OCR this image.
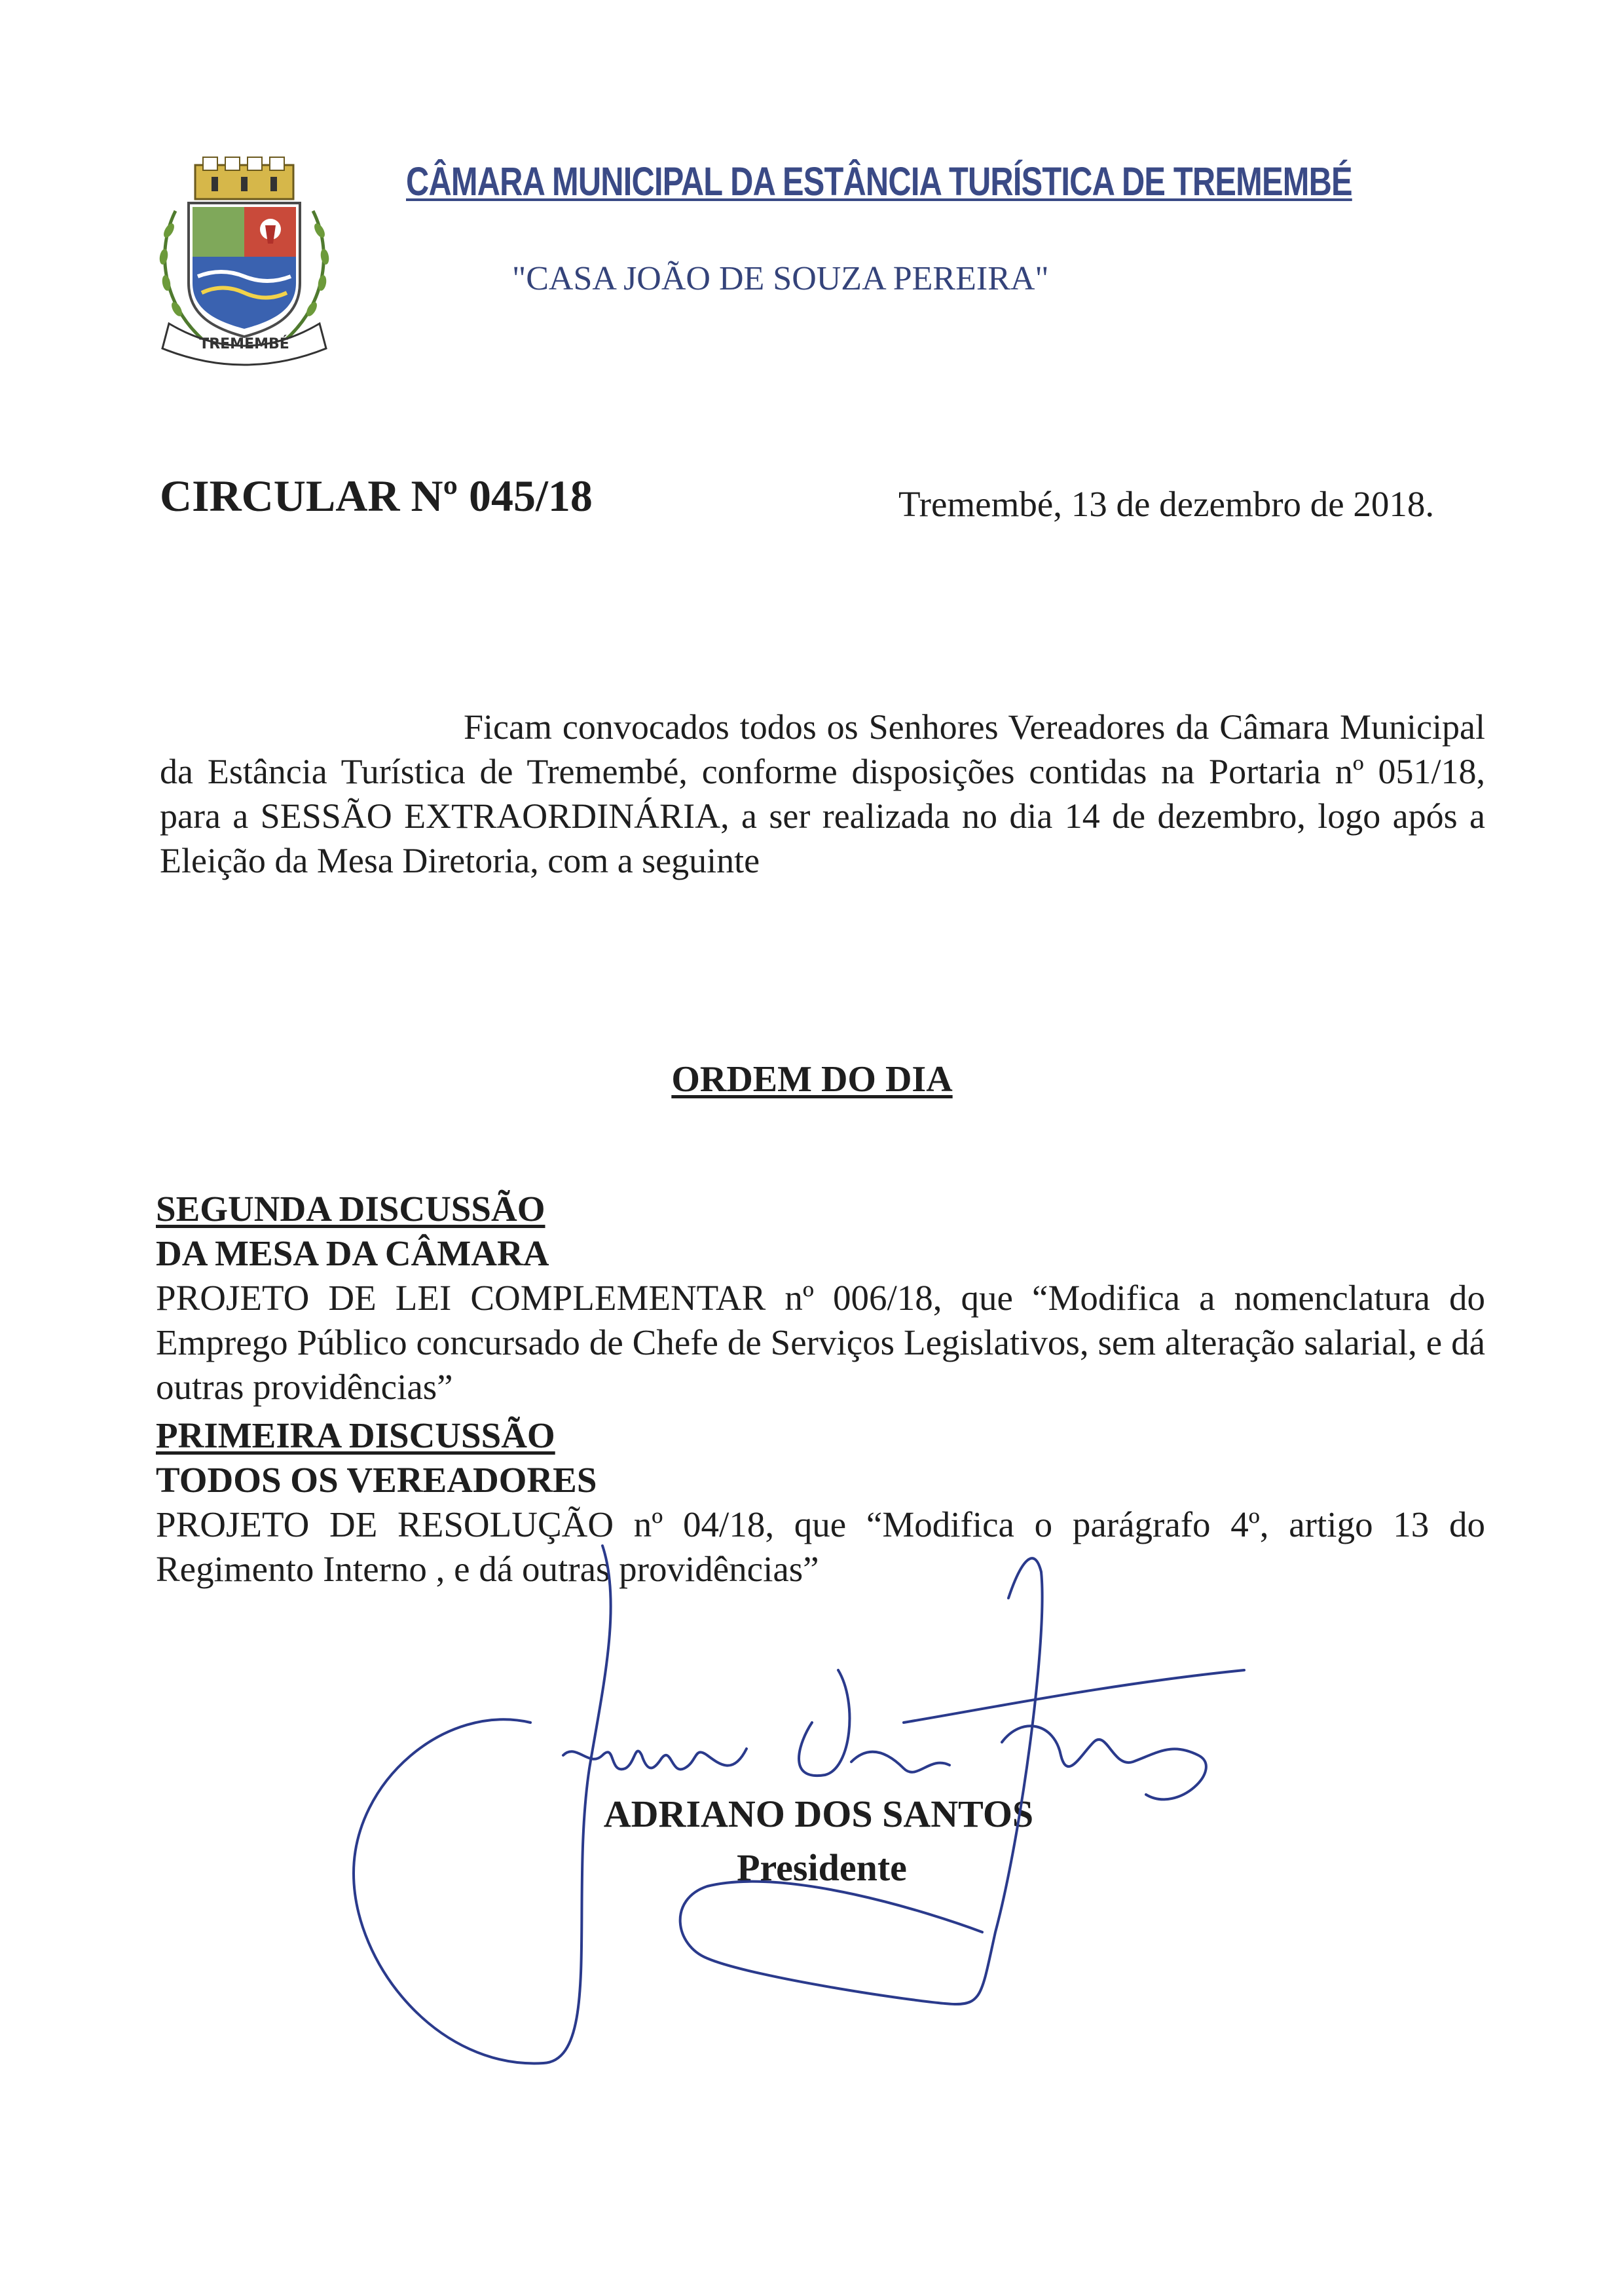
TREMEMBÉ
CÂMARA MUNICIPAL DA ESTÂNCIA TURÍSTICA DE TREMEMBÉ
"CASA JOÃO DE SOUZA PEREIRA"
CIRCULAR Nº 045/18	Tremembé, 13 de dezembro de 2018.
Ficam convocados todos os Senhores Vereadores da Câmara Municipal da Estância Turística de Tremembé, conforme disposições contidas na Portaria nº 051/18, para a SESSÃO EXTRAORDINÁRIA, a ser realizada no dia 14 de dezembro, logo após a Eleição da Mesa Diretoria, com a seguinte
ORDEM DO DIA
SEGUNDA DISCUSSÃO
DA MESA DA CÂMARA
PROJETO DE LEI COMPLEMENTAR nº 006/18, que “Modifica a nomenclatura do Emprego Público concursado de Chefe de Serviços Legislativos, sem alteração salarial, e dá outras providências”
PRIMEIRA DISCUSSÃO
TODOS OS VEREADORES
PROJETO DE RESOLUÇÃO nº 04/18, que “Modifica o parágrafo 4º, artigo 13 do Regimento Interno , e dá outras providências”
ADRIANO DOS SANTOS
Presidente
